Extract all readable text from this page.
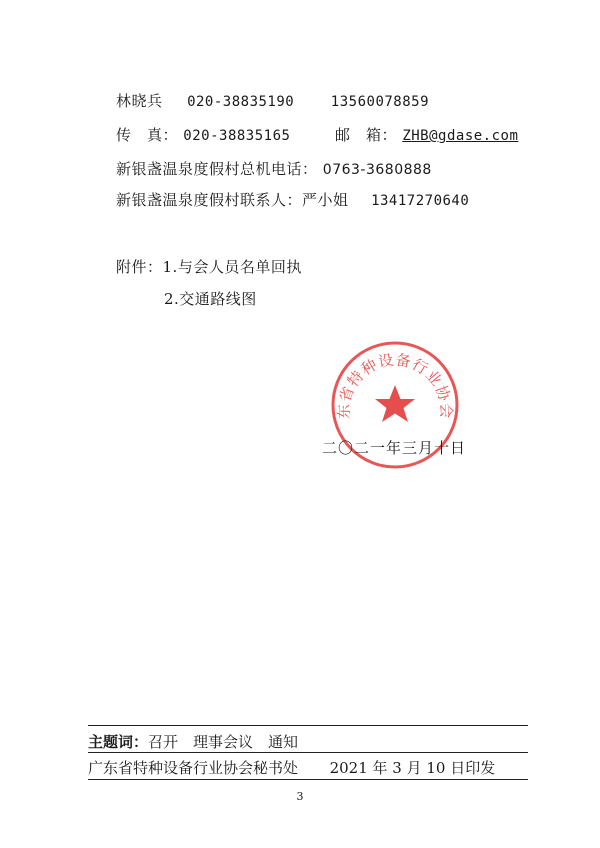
林晓兵 020-38835190	13560078859
传　真： 020-38835165	邮　箱： ZHB@gdase.com
新银盏温泉度假村总机电话： 0763-3680888
新银盏温泉度假村联系人：严小姐 13417270640
附件：1.与会人员名单回执
2.交通路线图
东省特种设备行业协会
二〇二一年三月十日
主题词：召开　理事会议　通知
广东省特种设备行业协会秘书处 2021 年 3 月 10 日印发
3
